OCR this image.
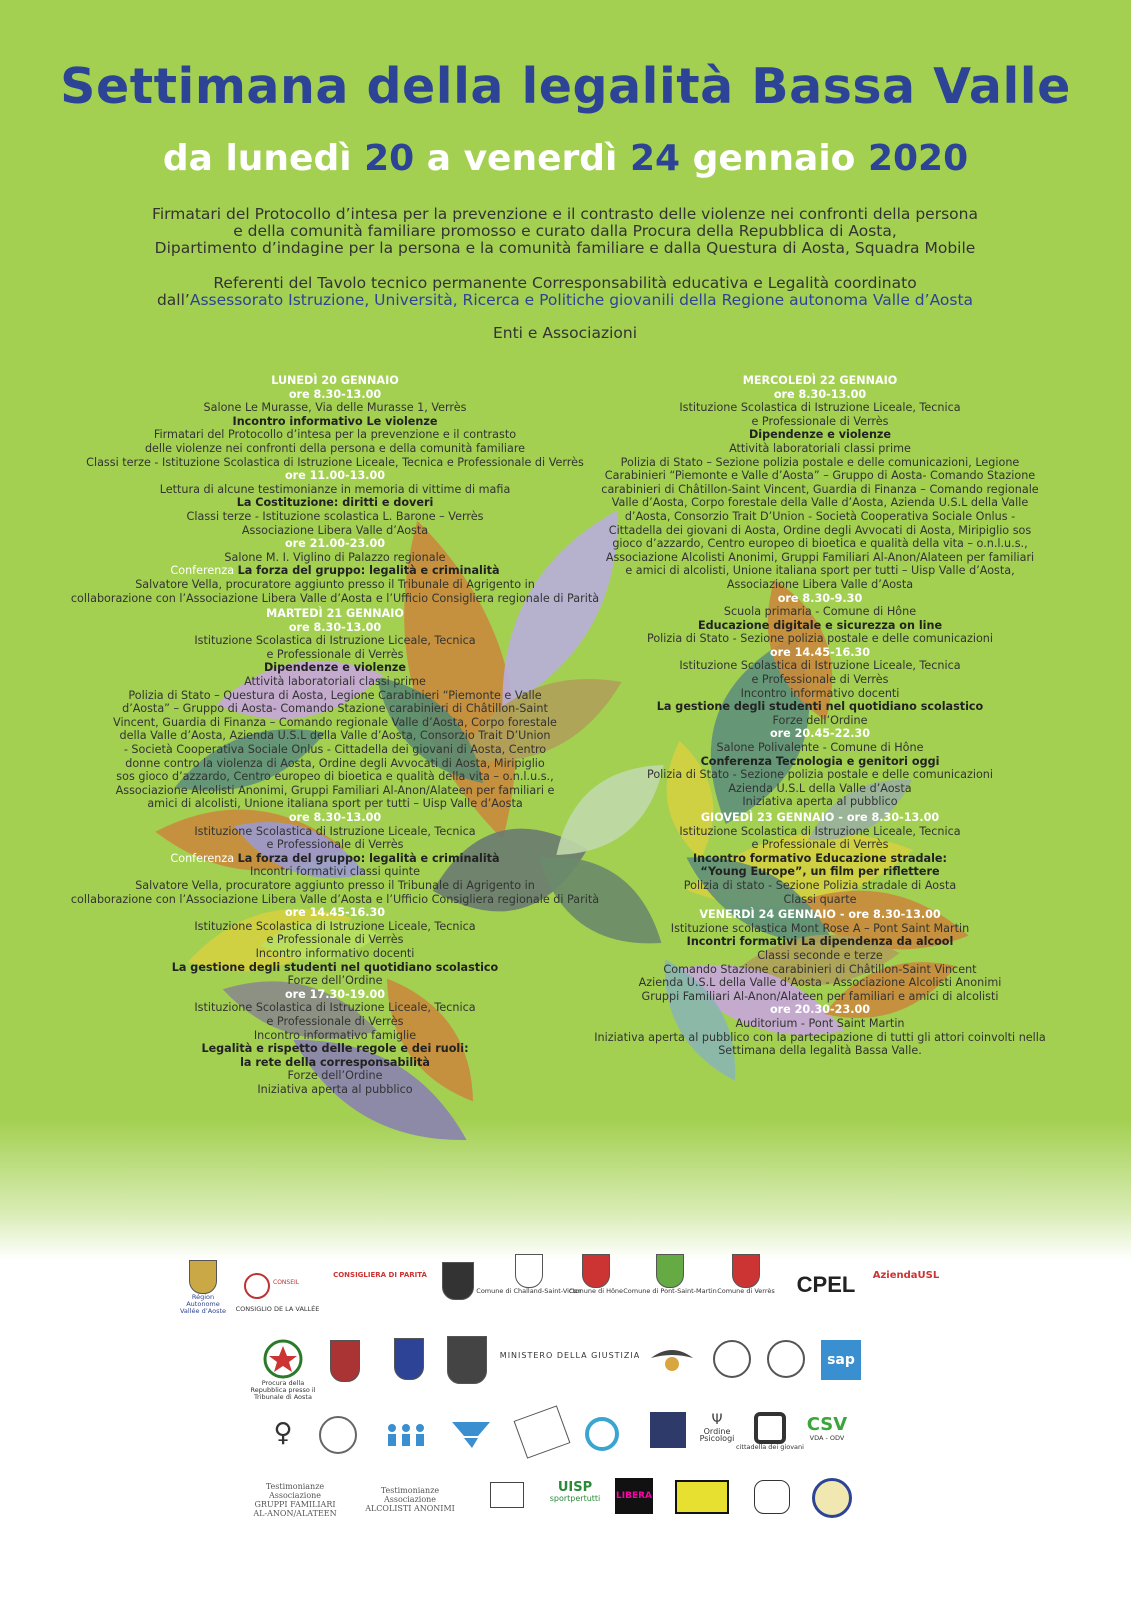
Settimana della legalità Bassa Valle
da lunedì 20 a venerdì 24 gennaio 2020
Firmatari del Protocollo d’intesa per la prevenzione e il contrasto delle violenze nei confronti della persona
e della comunità familiare promosso e curato dalla Procura della Repubblica di Aosta,
Dipartimento d’indagine per la persona e la comunità familiare e dalla Questura di Aosta, Squadra Mobile
Referenti del Tavolo tecnico permanente Corresponsabilità educativa e Legalità coordinato
dall’Assessorato Istruzione, Università, Ricerca e Politiche giovanili della Regione autonoma Valle d’Aosta
Enti e Associazioni
LUNEDÌ 20 GENNAIO
ore 8.30-13.00
Salone Le Murasse, Via delle Murasse 1, Verrès
Incontro informativo Le violenze
Firmatari del Protocollo d’intesa per la prevenzione e il contrasto
delle violenze nei confronti della persona e della comunità familiare
Classi terze - Istituzione Scolastica di Istruzione Liceale, Tecnica e Professionale di Verrès
ore 11.00-13.00
Lettura di alcune testimonianze in memoria di vittime di mafia
La Costituzione: diritti e doveri
Classi terze - Istituzione scolastica L. Barone – Verrès
Associazione Libera Valle d’Aosta
ore 21.00-23.00
Salone M. I. Viglino di Palazzo regionale
Conferenza La forza del gruppo: legalità e criminalità
Salvatore Vella, procuratore aggiunto presso il Tribunale di Agrigento in
collaborazione con l’Associazione Libera Valle d’Aosta e l’Ufficio Consigliera regionale di Parità
MARTEDÌ 21 GENNAIO
ore 8.30-13.00
Istituzione Scolastica di Istruzione Liceale, Tecnica
e Professionale di Verrès
Dipendenze e violenze
Attività laboratoriali classi prime
Polizia di Stato – Questura di Aosta, Legione Carabinieri “Piemonte e Valle
d’Aosta” – Gruppo di Aosta- Comando Stazione carabinieri di Châtillon-Saint
Vincent, Guardia di Finanza – Comando regionale Valle d’Aosta, Corpo forestale
della Valle d’Aosta, Azienda U.S.L della Valle d’Aosta, Consorzio Trait D’Union
- Società Cooperativa Sociale Onlus - Cittadella dei giovani di Aosta, Centro
donne contro la violenza di Aosta, Ordine degli Avvocati di Aosta, Miripiglio
sos gioco d’azzardo, Centro europeo di bioetica e qualità della vita – o.n.l.u.s.,
Associazione Alcolisti Anonimi, Gruppi Familiari Al-Anon/Alateen per familiari e
amici di alcolisti, Unione italiana sport per tutti – Uisp Valle d’Aosta
ore 8.30-13.00
Istituzione Scolastica di Istruzione Liceale, Tecnica
e Professionale di Verrès
Conferenza La forza del gruppo: legalità e criminalità
Incontri formativi classi quinte
Salvatore Vella, procuratore aggiunto presso il Tribunale di Agrigento in
collaborazione con l’Associazione Libera Valle d’Aosta e l’Ufficio Consigliera regionale di Parità
ore 14.45-16.30
Istituzione Scolastica di Istruzione Liceale, Tecnica
e Professionale di Verrès
Incontro informativo docenti
La gestione degli studenti nel quotidiano scolastico
Forze dell’Ordine
ore 17.30-19.00
Istituzione Scolastica di Istruzione Liceale, Tecnica
e Professionale di Verrès
Incontro informativo famiglie
Legalità e rispetto delle regole e dei ruoli:
la rete della corresponsabilità
Forze dell’Ordine
Iniziativa aperta al pubblico
MERCOLEDÌ 22 GENNAIO
ore 8.30-13.00
Istituzione Scolastica di Istruzione Liceale, Tecnica
e Professionale di Verrès
Dipendenze e violenze
Attività laboratoriali classi prime
Polizia di Stato – Sezione polizia postale e delle comunicazioni, Legione
Carabinieri “Piemonte e Valle d’Aosta” – Gruppo di Aosta- Comando Stazione
carabinieri di Châtillon-Saint Vincent, Guardia di Finanza – Comando regionale
Valle d’Aosta, Corpo forestale della Valle d’Aosta, Azienda U.S.L della Valle
d’Aosta, Consorzio Trait D’Union - Società Cooperativa Sociale Onlus -
Cittadella dei giovani di Aosta, Ordine degli Avvocati di Aosta, Miripiglio sos
gioco d’azzardo, Centro europeo di bioetica e qualità della vita – o.n.l.u.s.,
Associazione Alcolisti Anonimi, Gruppi Familiari Al-Anon/Alateen per familiari
e amici di alcolisti, Unione italiana sport per tutti – Uisp Valle d’Aosta,
Associazione Libera Valle d’Aosta
ore 8.30-9.30
Scuola primaria - Comune di Hône
Educazione digitale e sicurezza on line
Polizia di Stato - Sezione polizia postale e delle comunicazioni
ore 14.45-16.30
Istituzione Scolastica di Istruzione Liceale, Tecnica
e Professionale di Verrès
Incontro informativo docenti
La gestione degli studenti nel quotidiano scolastico
Forze dell’Ordine
ore 20.45-22.30
Salone Polivalente - Comune di Hône
Conferenza Tecnologia e genitori oggi
Polizia di Stato - Sezione polizia postale e delle comunicazioni
Azienda U.S.L della Valle d’Aosta
Iniziativa aperta al pubblico
GIOVEDÌ 23 GENNAIO - ore 8.30-13.00
Istituzione Scolastica di Istruzione Liceale, Tecnica
e Professionale di Verrès
Incontro formativo Educazione stradale:
“Young Europe”, un film per riflettere
Polizia di stato - Sezione Polizia stradale di Aosta
Classi quarte
VENERDÌ 24 GENNAIO - ore 8.30-13.00
Istituzione scolastica Mont Rose A – Pont Saint Martin
Incontri formativi La dipendenza da alcool
Classi seconde e terze
Comando Stazione carabinieri di Châtillon-Saint Vincent
Azienda U.S.L della Valle d’Aosta - Associazione Alcolisti Anonimi
Gruppi Familiari Al-Anon/Alateen per familiari e amici di alcolisti
ore 20.30-23.00
Auditorium - Pont Saint Martin
Iniziativa aperta al pubblico con la partecipazione di tutti gli attori coinvolti nella
Settimana della legalità Bassa Valle.
Région Autonome Vallée d’Aoste
CONSEIL
CONSIGLIO DE LA VALLÉE
CONSIGLIERA DI PARITÀ
Comune di Challand-Saint-Victor
Comune di Hône Comune di Pont-Saint-Martin Comune di Verrès CPEL AziendaUSL
Procura della Repubblica presso il Tribunale di Aosta
MINISTERO DELLA GIUSTIZIA	sap
♀	Ψ
Ordine Psicologi
cittadella dei giovani
CSV
VDA - ODV
Testimonianze Associazione
GRUPPI FAMILIARI
AL-ANON/ALATEEN
Testimonianze Associazione
ALCOLISTI ANONIMI
UISP
sportpertutti LIBERA
